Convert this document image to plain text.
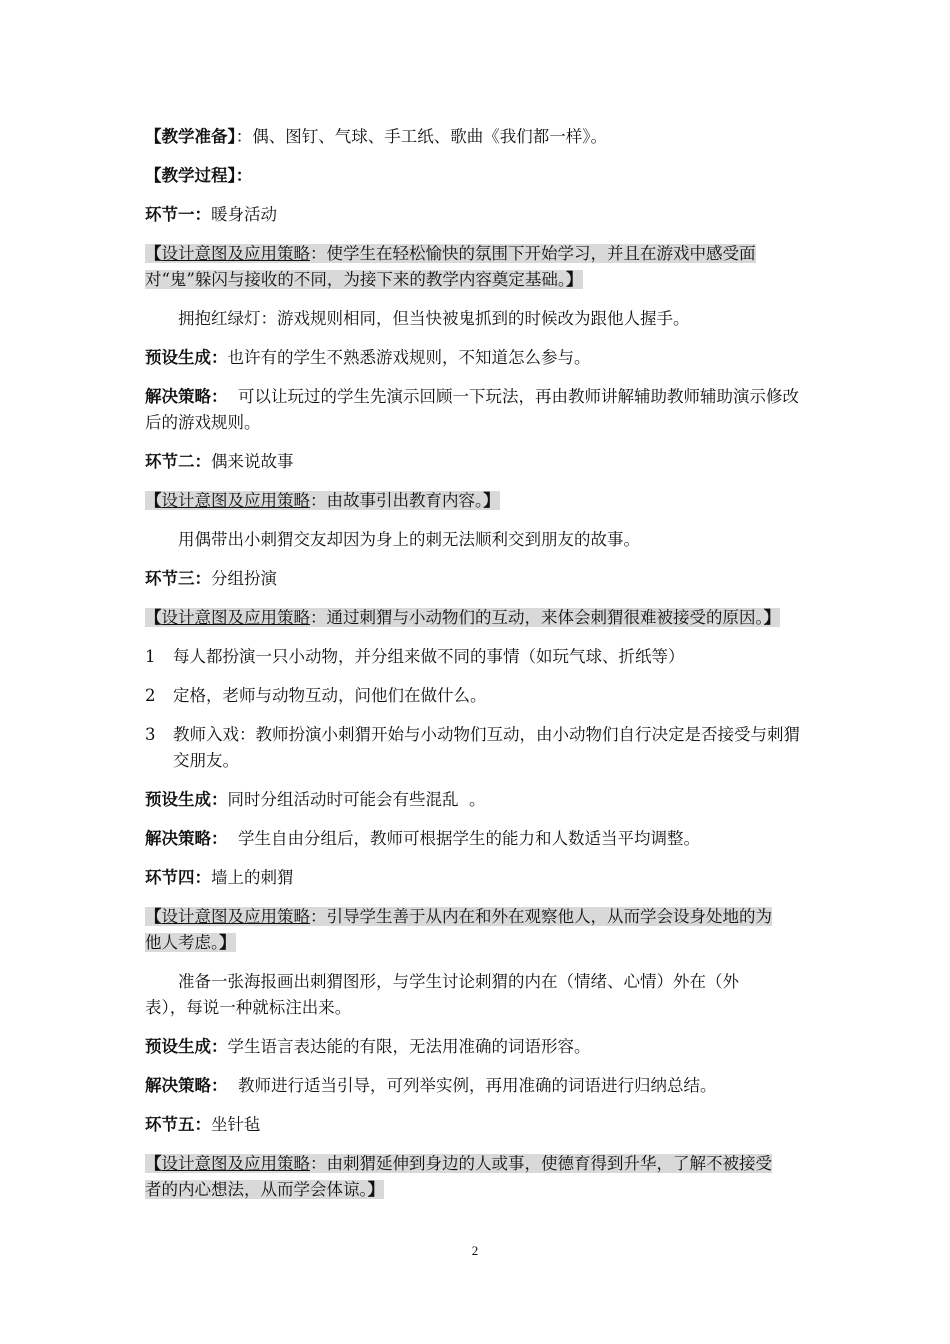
【教学准备】：偶、图钉、气球、手工纸、歌曲《我们都一样》。

【教学过程】：

环节一：暖身活动

【设计意图及应用策略：使学生在轻松愉快的氛围下开始学习，并且在游戏中感受面对“鬼”躲闪与接收的不同，为接下来的教学内容奠定基础。】

拥抱红绿灯：游戏规则相同，但当快被鬼抓到的时候改为跟他人握手。

预设生成：也许有的学生不熟悉游戏规则，不知道怎么参与。

解决策略：  可以让玩过的学生先演示回顾一下玩法，再由教师讲解辅助教师辅助演示修改后的游戏规则。

环节二：偶来说故事

【设计意图及应用策略：由故事引出教育内容。】

用偶带出小刺猬交友却因为身上的刺无法顺利交到朋友的故事。

环节三：分组扮演

【设计意图及应用策略：通过刺猬与小动物们的互动，来体会刺猬很难被接受的原因。】

1	每人都扮演一只小动物，并分组来做不同的事情（如玩气球、折纸等）

2	定格，老师与动物互动，问他们在做什么。

3	教师入戏：教师扮演小刺猬开始与小动物们互动，由小动物们自行决定是否接受与刺猬交朋友。

预设生成：同时分组活动时可能会有些混乱  。

解决策略：  学生自由分组后，教师可根据学生的能力和人数适当平均调整。

环节四：墙上的刺猬

【设计意图及应用策略：引导学生善于从内在和外在观察他人，从而学会设身处地的为他人考虑。】

准备一张海报画出刺猬图形，与学生讨论刺猬的内在（情绪、心情）外在（外表），每说一种就标注出来。

预设生成：学生语言表达能的有限，无法用准确的词语形容。

解决策略：  教师进行适当引导，可列举实例，再用准确的词语进行归纳总结。

环节五：坐针毡

【设计意图及应用策略：由刺猬延伸到身边的人或事，使德育得到升华，了解不被接受者的内心想法，从而学会体谅。】

2
